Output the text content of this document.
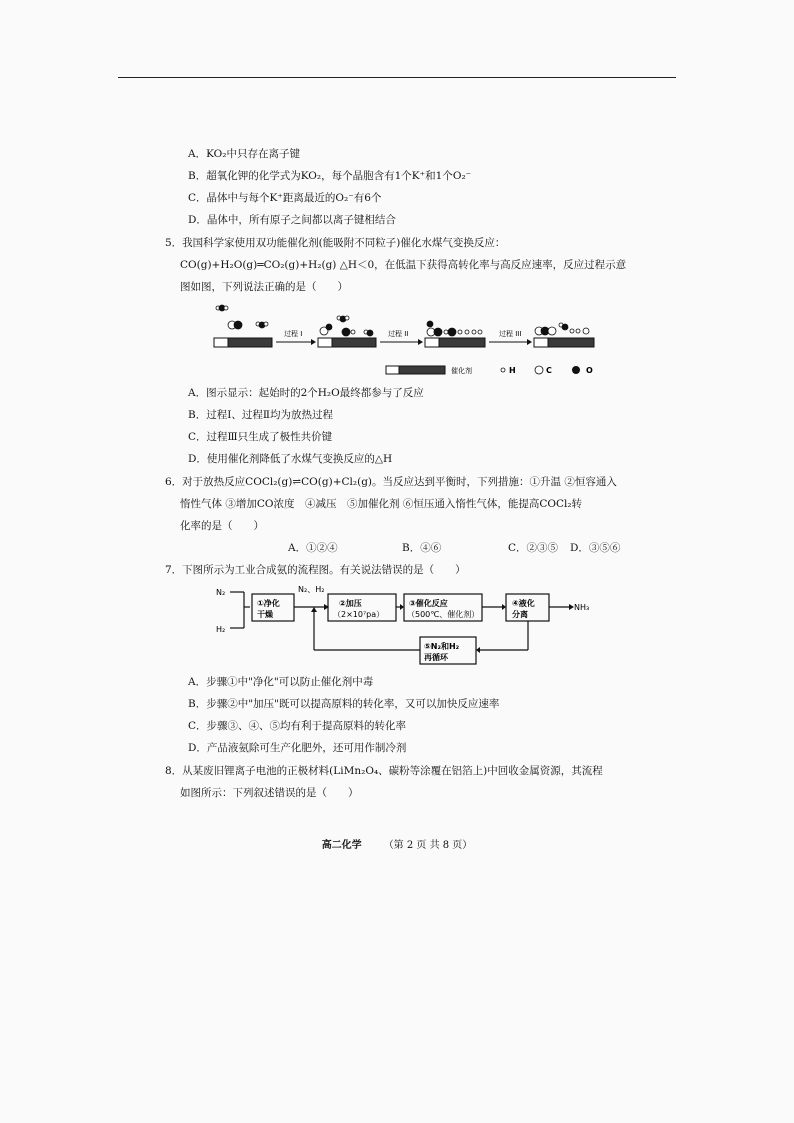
A．KO₂中只存在离子键
B．超氧化钾的化学式为KO₂，每个晶胞含有1个K⁺和1个O₂⁻
C．晶体中与每个K⁺距离最近的O₂⁻有6个
D．晶体中，所有原子之间都以离子键相结合
5．我国科学家使用双功能催化剂(能吸附不同粒子)催化水煤气变换反应：
CO(g)+H₂O(g)═CO₂(g)+H₂(g) △H＜0，在低温下获得高转化率与高反应速率，反应过程示意
图如图，下列说法正确的是（　　）
过程 I	过程 II	过程 III
催化剂	H	C	O
A．图示显示：起始时的2个H₂O最终都参与了反应
B．过程Ⅰ、过程Ⅱ均为放热过程
C．过程Ⅲ只生成了极性共价键
D．使用催化剂降低了水煤气变换反应的△H
6．对于放热反应COCl₂(g)⇌CO(g)+Cl₂(g)。当反应达到平衡时，下列措施：①升温 ②恒容通入
惰性气体 ③增加CO浓度　④减压　⑤加催化剂 ⑥恒压通入惰性气体，能提高COCl₂转
化率的是（　　）
A．①②④	B．④⑥	C．②③⑤ D．③⑤⑥
7．下图所示为工业合成氨的流程图。有关说法错误的是（　　）
N₂
H₂
N₂、H₂
①净化
干燥
②加压
（2×10⁷pa）
③催化反应
（500℃、催化剂）
④液化
分离
NH₃
⑤N₂和H₂
再循环
A．步骤①中"净化"可以防止催化剂中毒
B．步骤②中"加压"既可以提高原料的转化率，又可以加快反应速率
C．步骤③、④、⑤均有利于提高原料的转化率
D．产品液氨除可生产化肥外，还可用作制冷剂
8．从某废旧锂离子电池的正极材料(LiMn₂O₄、碳粉等涂覆在铝箔上)中回收金属资源，其流程
如图所示：下列叙述错误的是（　　）
高二化学 （第 2 页 共 8 页）
